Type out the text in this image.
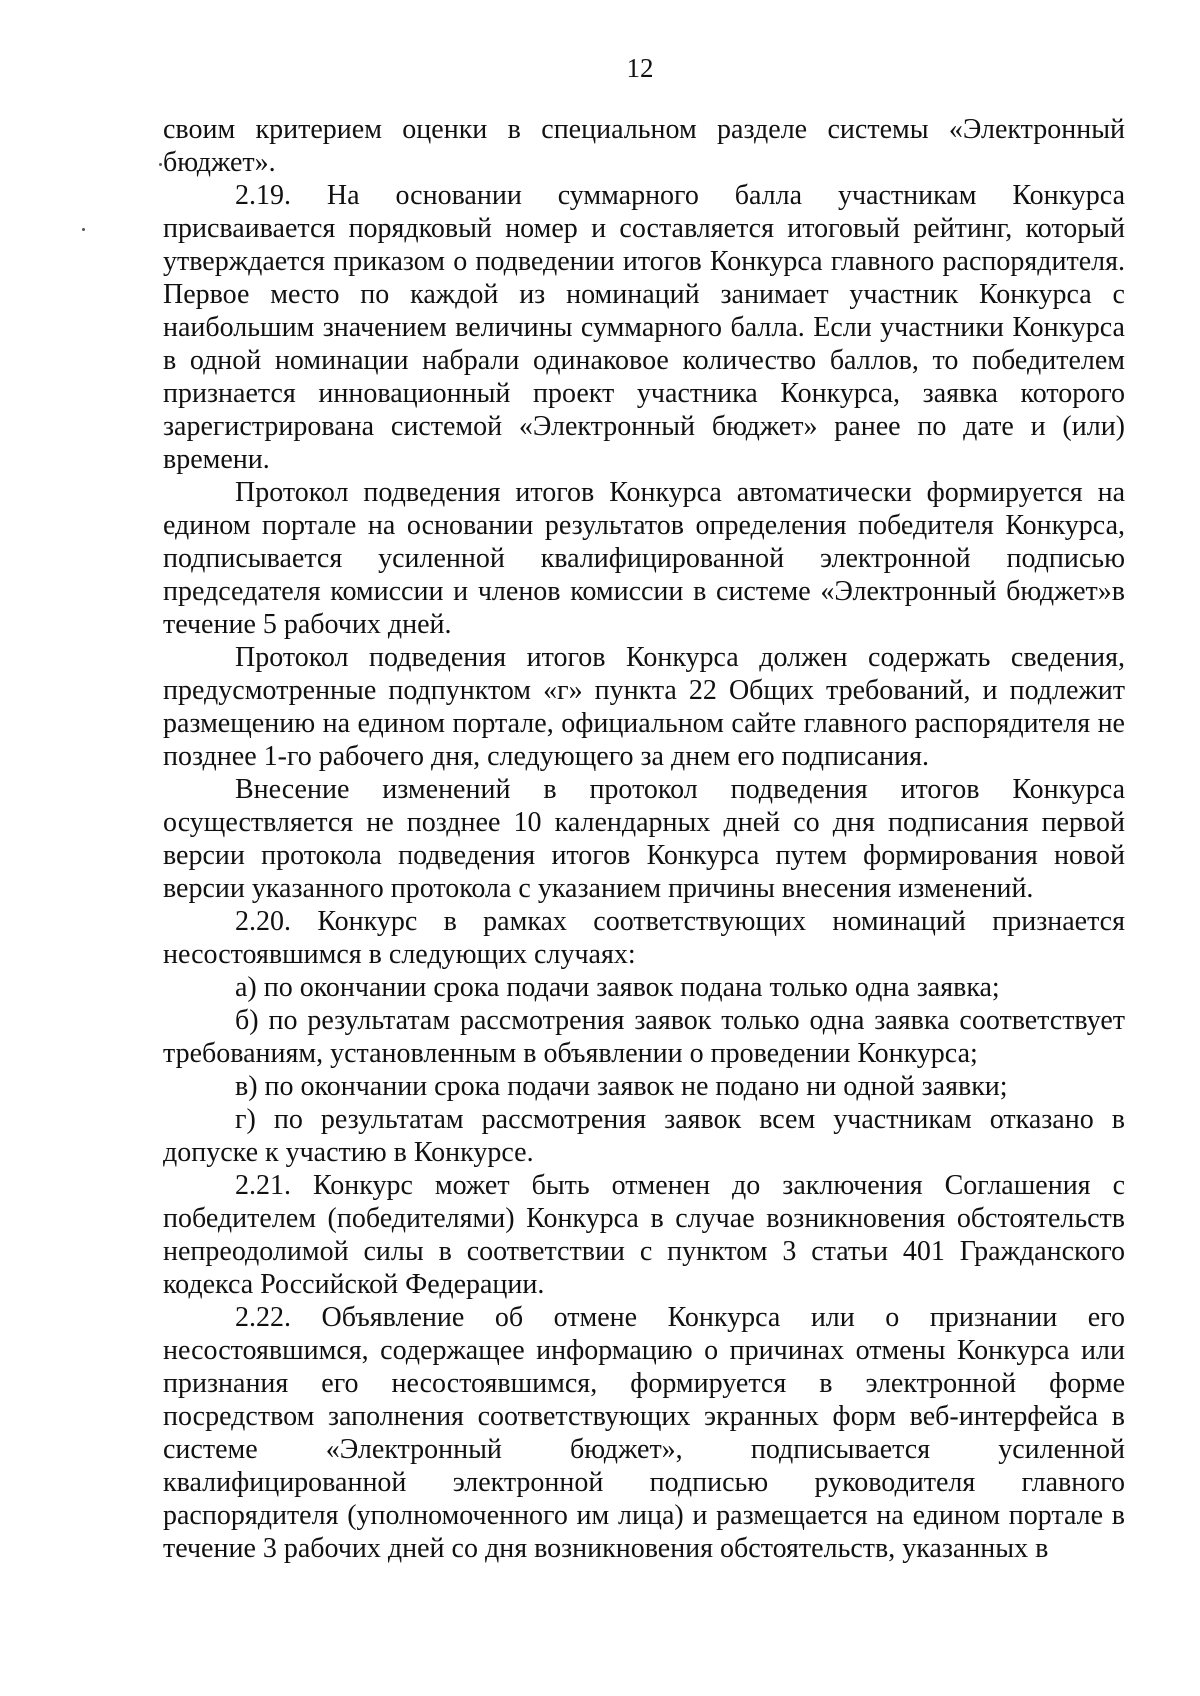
12

своим критерием оценки в специальном разделе системы «Электронный бюджет».

2.19. На основании суммарного балла участникам Конкурса присваивается порядковый номер и составляется итоговый рейтинг, который утверждается приказом о подведении итогов Конкурса главного распорядителя. Первое место по каждой из номинаций занимает участник Конкурса с наибольшим значением величины суммарного балла. Если участники Конкурса в одной номинации набрали одинаковое количество баллов, то победителем признается инновационный проект участника Конкурса, заявка которого зарегистрирована системой «Электронный бюджет» ранее по дате и (или) времени.

Протокол подведения итогов Конкурса автоматически формируется на едином портале на основании результатов определения победителя Конкурса, подписывается усиленной квалифицированной электронной подписью председателя комиссии и членов комиссии в системе «Электронный бюджет»в течение 5 рабочих дней.

Протокол подведения итогов Конкурса должен содержать сведения, предусмотренные подпунктом «г» пункта 22 Общих требований, и подлежит размещению на едином портале, официальном сайте главного распорядителя не позднее 1-го рабочего дня, следующего за днем его подписания.

Внесение изменений в протокол подведения итогов Конкурса осуществляется не позднее 10 календарных дней со дня подписания первой версии протокола подведения итогов Конкурса путем формирования новой версии указанного протокола с указанием причины внесения изменений.

2.20. Конкурс в рамках соответствующих номинаций признается несостоявшимся в следующих случаях:

а) по окончании срока подачи заявок подана только одна заявка;

б) по результатам рассмотрения заявок только одна заявка соответствует требованиям, установленным в объявлении о проведении Конкурса;

в) по окончании срока подачи заявок не подано ни одной заявки;

г) по результатам рассмотрения заявок всем участникам отказано в допуске к участию в Конкурсе.

2.21. Конкурс может быть отменен до заключения Соглашения с победителем (победителями) Конкурса в случае возникновения обстоятельств непреодолимой силы в соответствии с пунктом 3 статьи 401 Гражданского кодекса Российской Федерации.

2.22. Объявление об отмене Конкурса или о признании его несостоявшимся, содержащее информацию о причинах отмены Конкурса или признания его несостоявшимся, формируется в электронной форме посредством заполнения соответствующих экранных форм веб-интерфейса в системе «Электронный бюджет», подписывается усиленной квалифицированной электронной подписью руководителя главного распорядителя (уполномоченного им лица) и размещается на едином портале в течение 3 рабочих дней со дня возникновения обстоятельств, указанных в
